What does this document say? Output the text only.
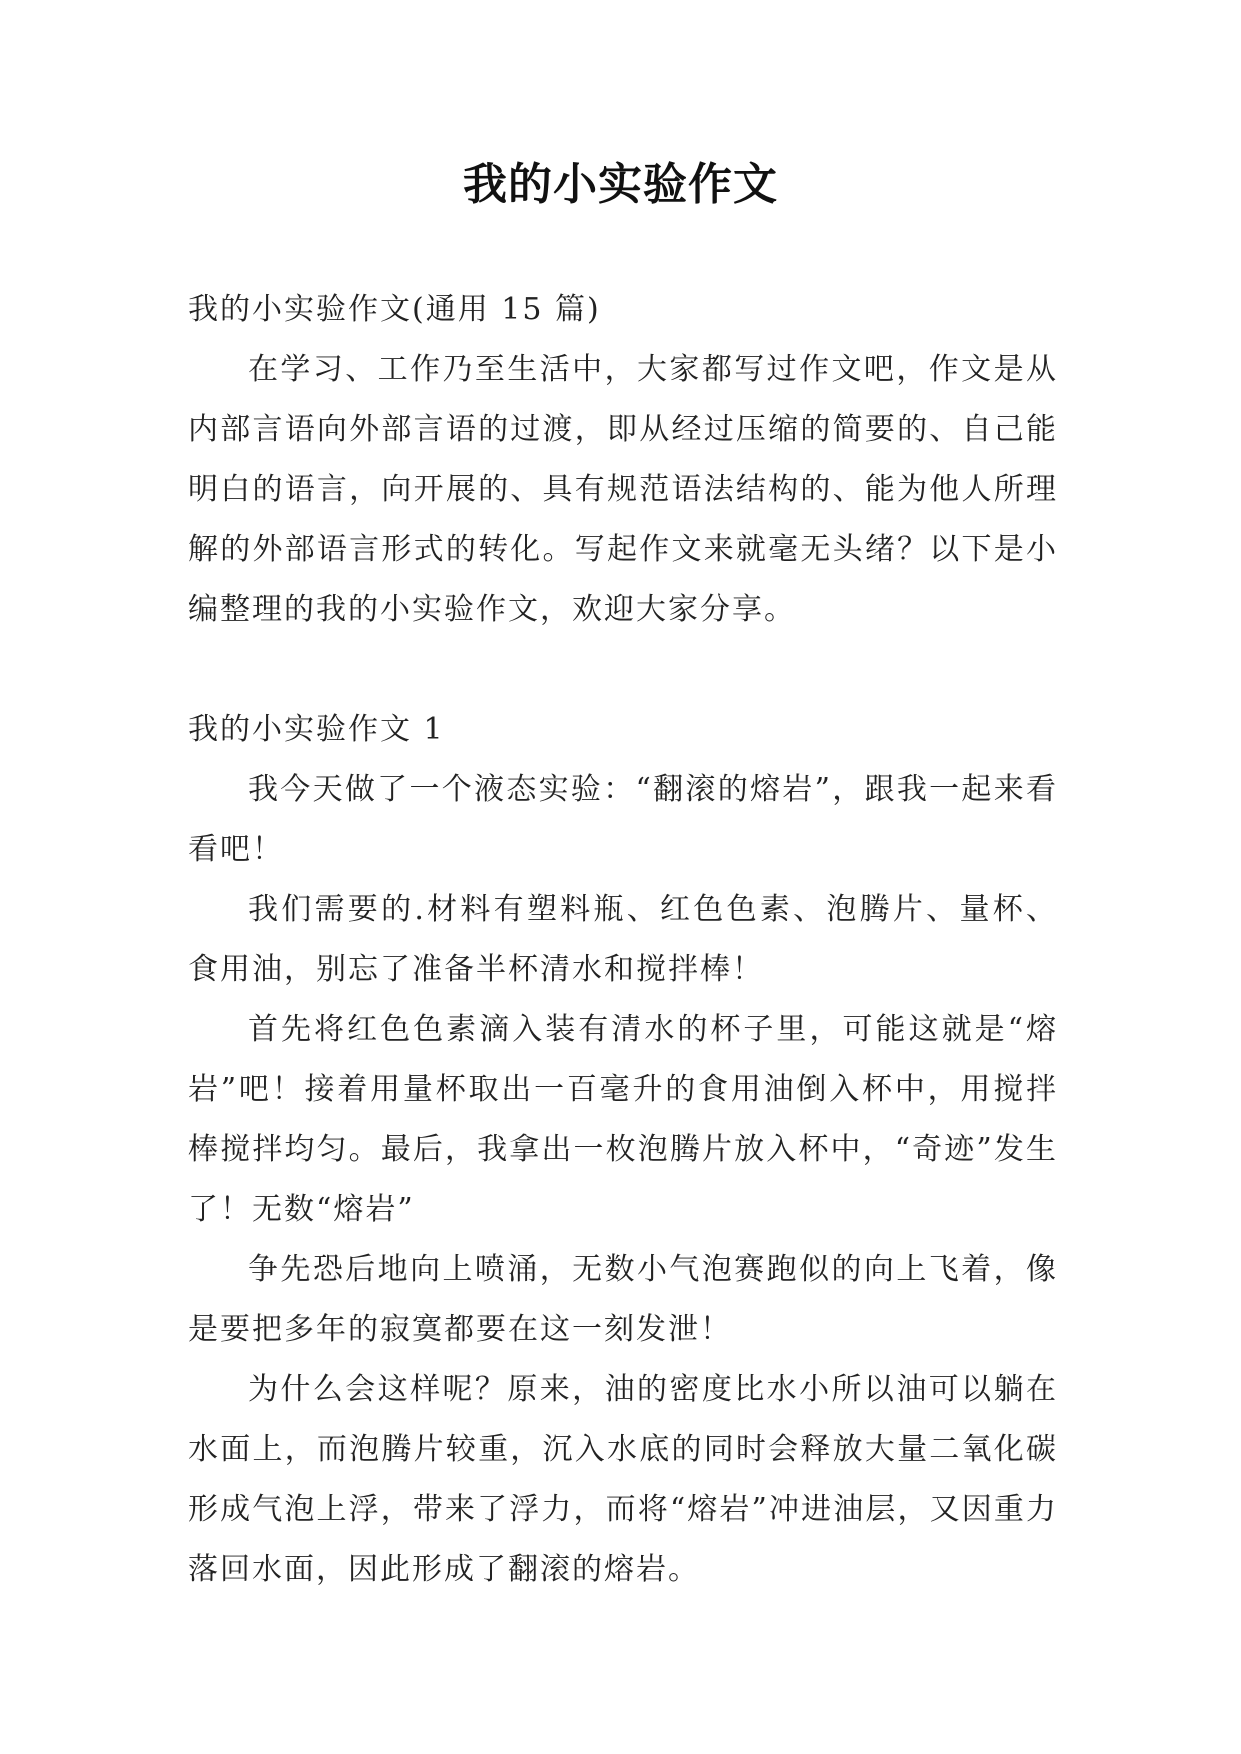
我的小实验作文

我的小实验作文(通用 15 篇)

在学习、工作乃至生活中，大家都写过作文吧，作文是从内部言语向外部言语的过渡，即从经过压缩的简要的、自己能明白的语言，向开展的、具有规范语法结构的、能为他人所理解的外部语言形式的转化。写起作文来就毫无头绪？以下是小编整理的我的小实验作文，欢迎大家分享。

我的小实验作文 1

我今天做了一个液态实验：“翻滚的熔岩”，跟我一起来看看吧！

我们需要的.材料有塑料瓶、红色色素、泡腾片、量杯、食用油，别忘了准备半杯清水和搅拌棒！

首先将红色色素滴入装有清水的杯子里，可能这就是“熔岩”吧！接着用量杯取出一百毫升的食用油倒入杯中，用搅拌棒搅拌均匀。最后，我拿出一枚泡腾片放入杯中，“奇迹”发生了！无数“熔岩”

争先恐后地向上喷涌，无数小气泡赛跑似的向上飞着，像是要把多年的寂寞都要在这一刻发泄！

为什么会这样呢？原来，油的密度比水小所以油可以躺在水面上，而泡腾片较重，沉入水底的同时会释放大量二氧化碳形成气泡上浮，带来了浮力，而将“熔岩”冲进油层，又因重力落回水面，因此形成了翻滚的熔岩。
